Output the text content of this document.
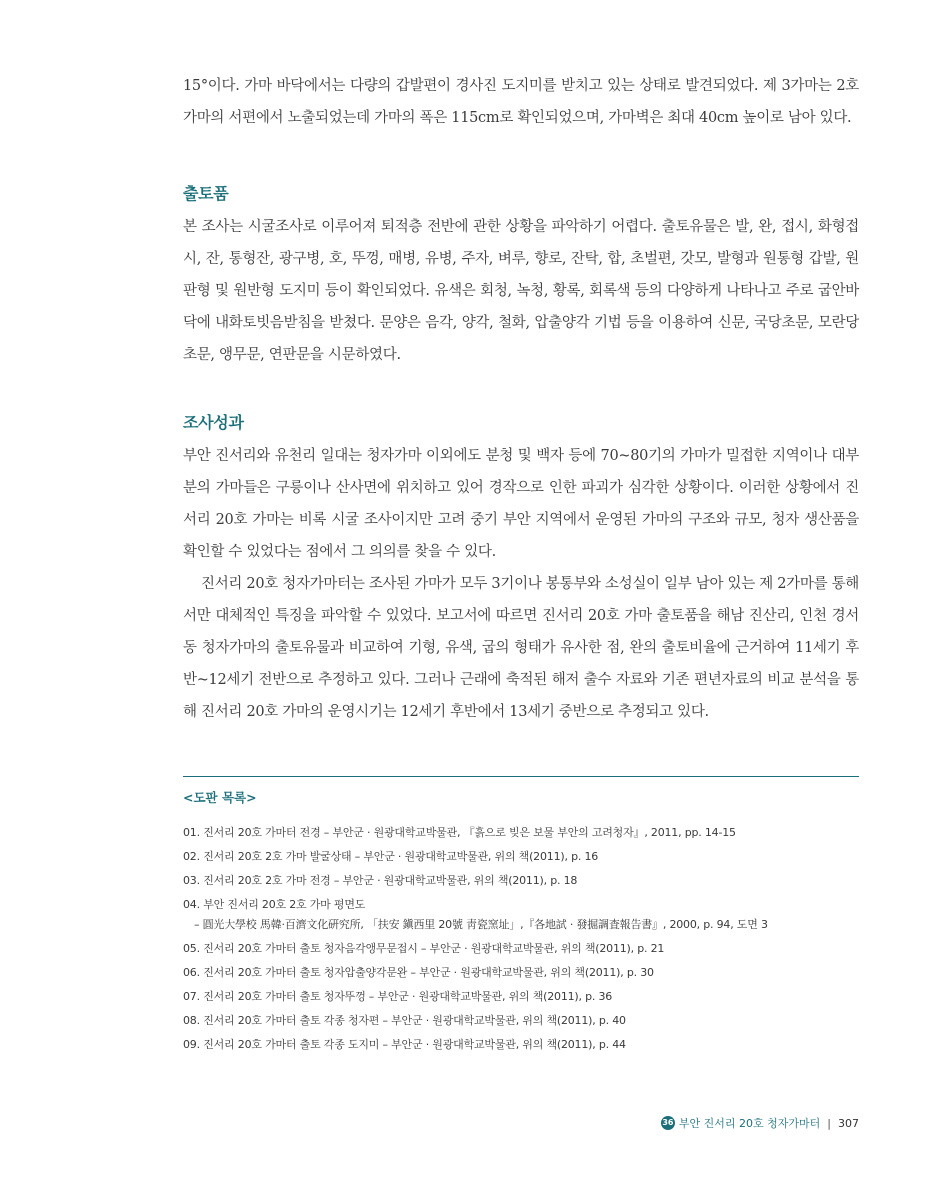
15°이다. 가마 바닥에서는 다량의 갑발편이 경사진 도지미를 받치고 있는 상태로 발견되었다. 제 3가마는 2호 가마의 서편에서 노출되었는데 가마의 폭은 115cm로 확인되었으며, 가마벽은 최대 40cm 높이로 남아 있다.

출토품

본 조사는 시굴조사로 이루어져 퇴적층 전반에 관한 상황을 파악하기 어렵다. 출토유물은 발, 완, 접시, 화형접시, 잔, 통형잔, 광구병, 호, 뚜껑, 매병, 유병, 주자, 벼루, 향로, 잔탁, 합, 초벌편, 갓모, 발형과 원통형 갑발, 원판형 및 원반형 도지미 등이 확인되었다. 유색은 회청, 녹청, 황록, 회록색 등의 다양하게 나타나고 주로 굽안바닥에 내화토빗음받침을 받쳤다. 문양은 음각, 양각, 철화, 압출양각 기법 등을 이용하여 신문, 국당초문, 모란당초문, 앵무문, 연판문을 시문하였다.

조사성과

부안 진서리와 유천리 일대는 청자가마 이외에도 분청 및 백자 등에 70~80기의 가마가 밀접한 지역이나 대부분의 가마들은 구릉이나 산사면에 위치하고 있어 경작으로 인한 파괴가 심각한 상황이다. 이러한 상황에서 진서리 20호 가마는 비록 시굴 조사이지만 고려 중기 부안 지역에서 운영된 가마의 구조와 규모, 청자 생산품을 확인할 수 있었다는 점에서 그 의의를 찾을 수 있다.

진서리 20호 청자가마터는 조사된 가마가 모두 3기이나 봉통부와 소성실이 일부 남아 있는 제 2가마를 통해서만 대체적인 특징을 파악할 수 있었다. 보고서에 따르면 진서리 20호 가마 출토품을 해남 진산리, 인천 경서동 청자가마의 출토유물과 비교하여 기형, 유색, 굽의 형태가 유사한 점, 완의 출토비율에 근거하여 11세기 후반~12세기 전반으로 추정하고 있다. 그러나 근래에 축적된 해저 출수 자료와 기존 편년자료의 비교 분석을 통해 진서리 20호 가마의 운영시기는 12세기 후반에서 13세기 중반으로 추정되고 있다.

<도판 목록>
01. 진서리 20호 가마터 전경 – 부안군 · 원광대학교박물관, 『흙으로 빚은 보물 부안의 고려청자』, 2011, pp. 14-15
02. 진서리 20호 2호 가마 발굴상태 – 부안군 · 원광대학교박물관, 위의 책(2011), p. 16
03. 진서리 20호 2호 가마 전경 – 부안군 · 원광대학교박물관, 위의 책(2011), p. 18
04. 부안 진서리 20호 2호 가마 평면도
– 圓光大學校 馬韓·百濟文化硏究所, 「扶安 鎭西里 20號 靑瓷窯址」,『各地試 · 發掘調査報告書』, 2000, p. 94, 도면 3
05. 진서리 20호 가마터 출토 청자음각앵무문접시 – 부안군 · 원광대학교박물관, 위의 책(2011), p. 21
06. 진서리 20호 가마터 출토 청자압출양각문완 – 부안군 · 원광대학교박물관, 위의 책(2011), p. 30
07. 진서리 20호 가마터 출토 청자뚜껑 – 부안군 · 원광대학교박물관, 위의 책(2011), p. 36
08. 진서리 20호 가마터 출토 각종 청자편 – 부안군 · 원광대학교박물관, 위의 책(2011), p. 40
09. 진서리 20호 가마터 출토 각종 도지미 – 부안군 · 원광대학교박물관, 위의 책(2011), p. 44
36 부안 진서리 20호 청자가마터 | 307
